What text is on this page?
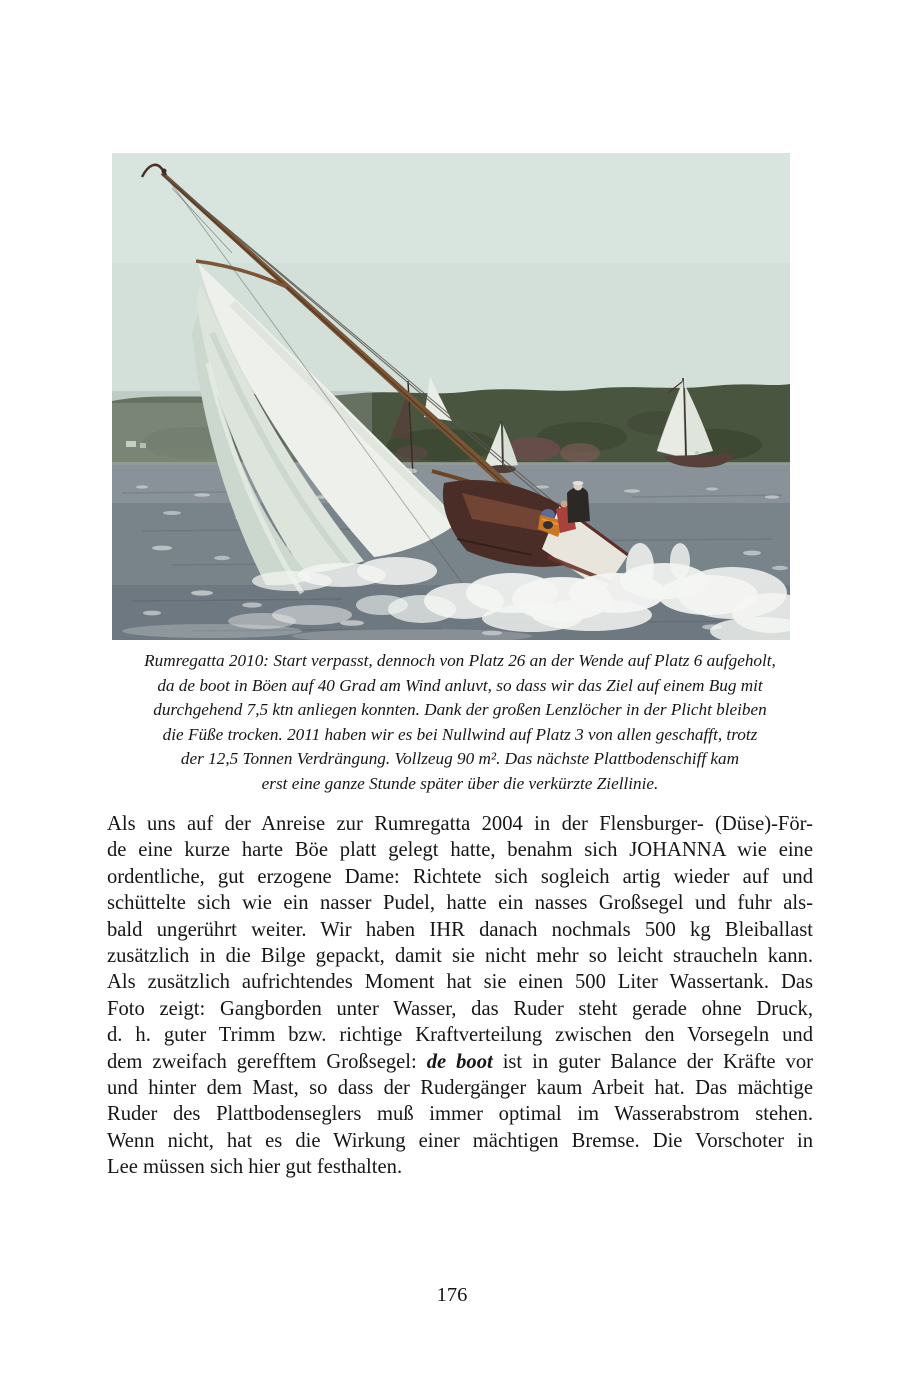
Rumregatta 2010: Start verpasst, dennoch von Platz 26 an der Wende auf Platz 6 aufgeholt,
da de boot in Böen auf 40 Grad am Wind anluvt, so dass wir das Ziel auf einem Bug mit
durchgehend 7,5 ktn anliegen konnten. Dank der großen Lenzlöcher in der Plicht bleiben
die Füße trocken. 2011 haben wir es bei Nullwind auf Platz 3 von allen geschafft, trotz
der 12,5 Tonnen Verdrängung. Vollzeug 90 m². Das nächste Plattbodenschiff kam
erst eine ganze Stunde später über die verkürzte Ziellinie.
Als uns auf der Anreise zur Rumregatta 2004 in der Flensburger- (Düse)-För-
de eine kurze harte Böe platt gelegt hatte, benahm sich JOHANNA wie eine
ordentliche, gut erzogene Dame: Richtete sich sogleich artig wieder auf und
schüttelte sich wie ein nasser Pudel, hatte ein nasses Großsegel und fuhr als-
bald ungerührt weiter. Wir haben IHR danach nochmals 500 kg Bleiballast
zusätzlich in die Bilge gepackt, damit sie nicht mehr so leicht straucheln kann.
Als zusätzlich aufrichtendes Moment hat sie einen 500 Liter Wassertank. Das
Foto zeigt: Gangborden unter Wasser, das Ruder steht gerade ohne Druck,
d. h. guter Trimm bzw. richtige Kraftverteilung zwischen den Vorsegeln und
dem zweifach gerefftem Großsegel: de boot ist in guter Balance der Kräfte vor
und hinter dem Mast, so dass der Rudergänger kaum Arbeit hat. Das mächtige
Ruder des Plattbodenseglers muß immer optimal im Wasserabstrom stehen.
Wenn nicht, hat es die Wirkung einer mächtigen Bremse. Die Vorschoter in
Lee müssen sich hier gut festhalten.
176
